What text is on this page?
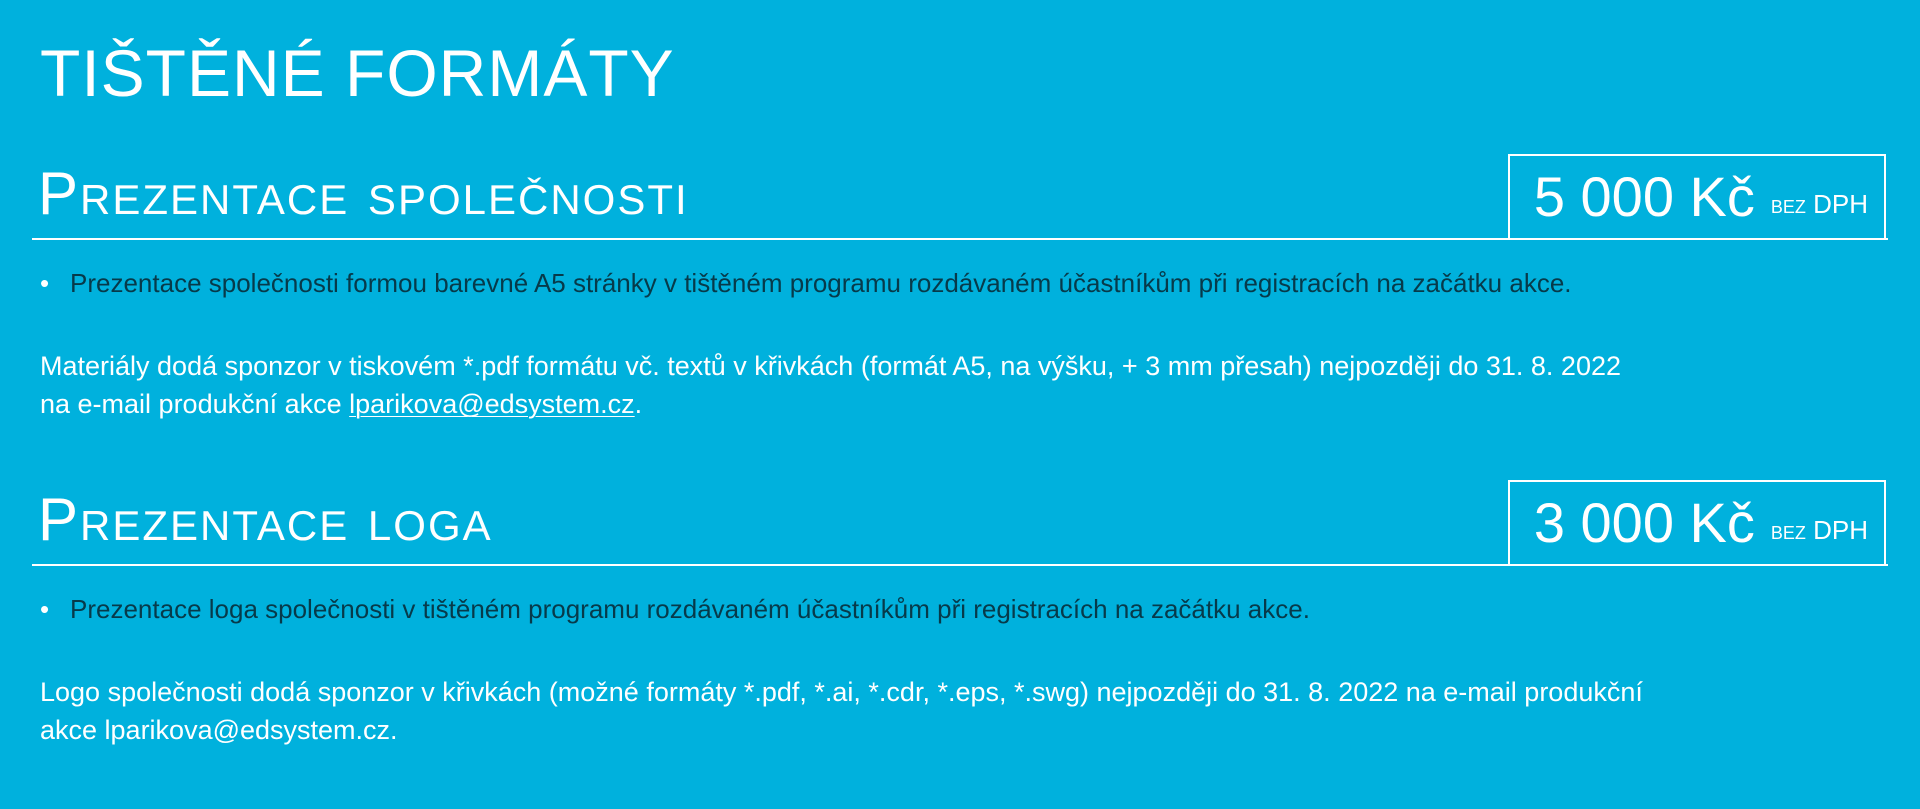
TIŠTĚNÉ FORMÁTY
Prezentace společnosti	5 000 Kč bez DPH
• Prezentace společnosti formou barevné A5 stránky v tištěném programu rozdávaném účastníkům při registracích na začátku akce.
Materiály dodá sponzor v tiskovém *.pdf formátu vč. textů v křivkách (formát A5, na výšku, + 3 mm přesah) nejpozději do 31. 8. 2022
na e-mail produkční akce lparikova@edsystem.cz.
Prezentace loga	3 000 Kč bez DPH
• Prezentace loga společnosti v tištěném programu rozdávaném účastníkům při registracích na začátku akce.
Logo společnosti dodá sponzor v křivkách (možné formáty *.pdf, *.ai, *.cdr, *.eps, *.swg) nejpozději do 31. 8. 2022 na e-mail produkční
akce lparikova@edsystem.cz.
